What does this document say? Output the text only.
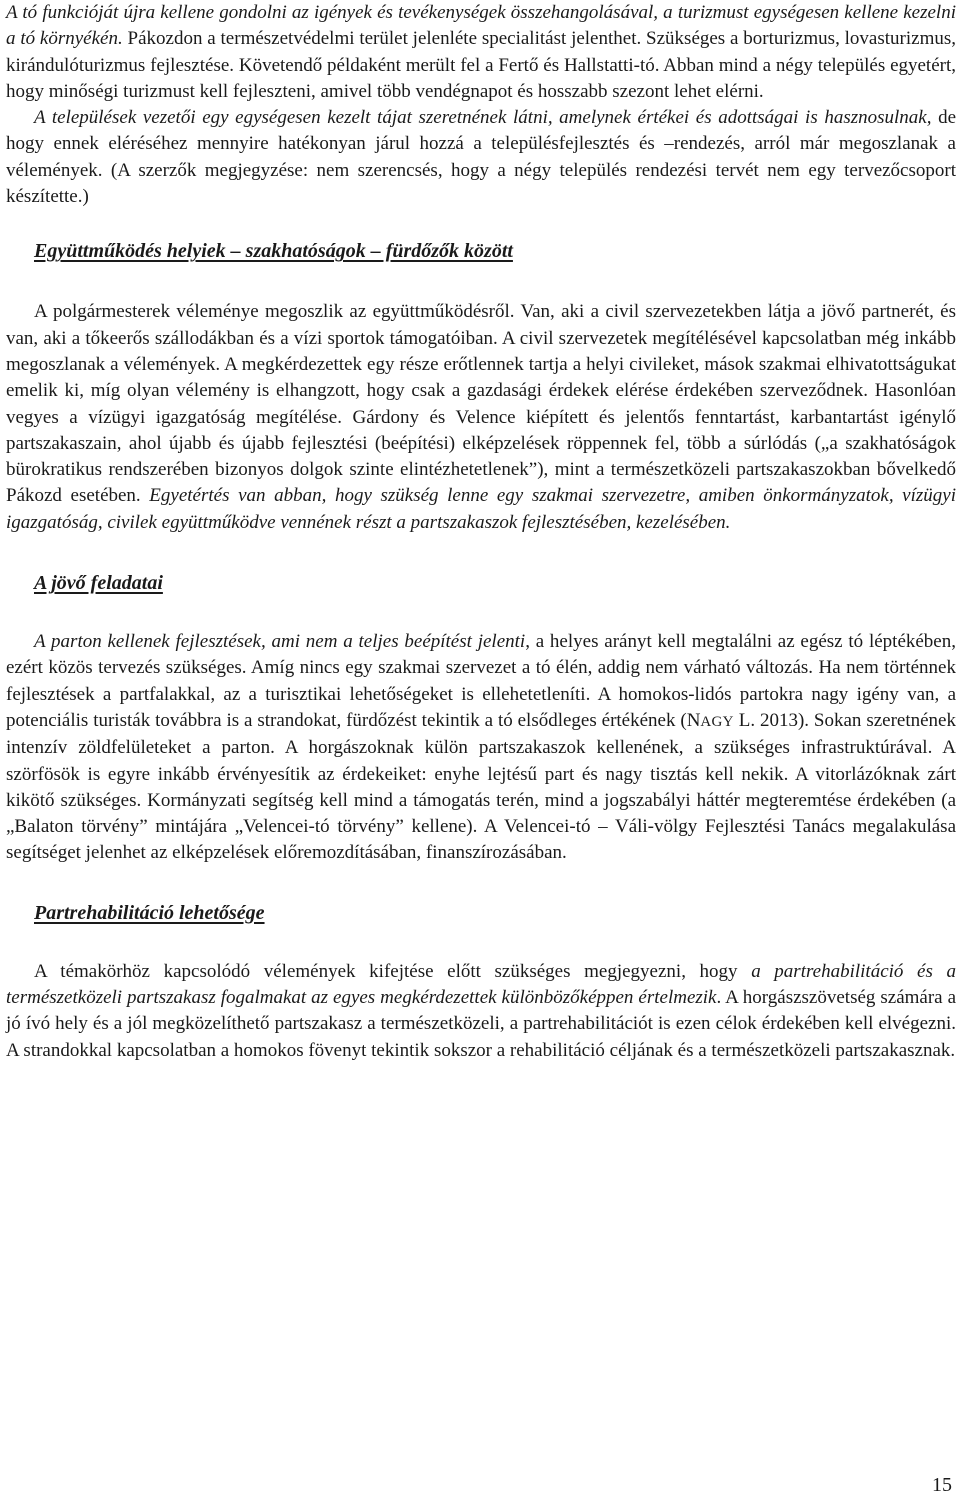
A tó funkcióját újra kellene gondolni az igények és tevékenységek összehangolásával, a turizmust egységesen kellene kezelni a tó környékén. Pákozdon a természetvédelmi terület jelenléte specialitást jelenthet. Szükséges a borturizmus, lovasturizmus, kirándulóturizmus fejlesztése. Követendő példaként merült fel a Fertő és Hallstatti-tó. Abban mind a négy település egyetért, hogy minőségi turizmust kell fejleszteni, amivel több vendégnapot és hosszabb szezont lehet elérni.

A települések vezetői egy egységesen kezelt tájat szeretnének látni, amelynek értékei és adottságai is hasznosulnak, de hogy ennek eléréséhez mennyire hatékonyan járul hozzá a településfejlesztés és –rendezés, arról már megoszlanak a vélemények. (A szerzők megjegyzése: nem szerencsés, hogy a négy település rendezési tervét nem egy tervezőcsoport készítette.)

Együttműködés helyiek – szakhatóságok – fürdőzők között

A polgármesterek véleménye megoszlik az együttműködésről. Van, aki a civil szervezetekben látja a jövő partnerét, és van, aki a tőkeerős szállodákban és a vízi sportok támogatóiban. A civil szervezetek megítélésével kapcsolatban még inkább megoszlanak a vélemények. A megkérdezettek egy része erőtlennek tartja a helyi civileket, mások szakmai elhivatottságukat emelik ki, míg olyan vélemény is elhangzott, hogy csak a gazdasági érdekek elérése érdekében szerveződnek. Hasonlóan vegyes a vízügyi igazgatóság megítélése. Gárdony és Velence kiépített és jelentős fenntartást, karbantartást igénylő partszakaszain, ahol újabb és újabb fejlesztési (beépítési) elképzelések röppennek fel, több a súrlódás („a szakhatóságok bürokratikus rendszerében bizonyos dolgok szinte elintézhetetlenek”), mint a természetközeli partszakaszokban bővelkedő Pákozd esetében. Egyetértés van abban, hogy szükség lenne egy szakmai szervezetre, amiben önkormányzatok, vízügyi igazgatóság, civilek együttműködve vennének részt a partszakaszok fejlesztésében, kezelésében.

A jövő feladatai

A parton kellenek fejlesztések, ami nem a teljes beépítést jelenti, a helyes arányt kell megtalálni az egész tó léptékében, ezért közös tervezés szükséges. Amíg nincs egy szakmai szervezet a tó élén, addig nem várható változás. Ha nem történnek fejlesztések a partfalakkal, az a turisztikai lehetőségeket is ellehetetleníti. A homokos-lidós partokra nagy igény van, a potenciális turisták továbbra is a strandokat, fürdőzést tekintik a tó elsődleges értékének (NAGY L. 2013). Sokan szeretnének intenzív zöldfelületeket a parton. A horgászoknak külön partszakaszok kellenének, a szükséges infrastruktúrával. A szörfösök is egyre inkább érvényesítik az érdekeiket: enyhe lejtésű part és nagy tisztás kell nekik. A vitorlázóknak zárt kikötő szükséges. Kormányzati segítség kell mind a támogatás terén, mind a jogszabályi háttér megteremtése érdekében (a „Balaton törvény” mintájára „Velencei-tó törvény” kellene). A Velencei-tó – Váli-völgy Fejlesztési Tanács megalakulása segítséget jelenhet az elképzelések előremozdításában, finanszírozásában.

Partrehabilitáció lehetősége

A témakörhöz kapcsolódó vélemények kifejtése előtt szükséges megjegyezni, hogy a partrehabilitáció és a természetközeli partszakasz fogalmakat az egyes megkérdezettek különbözőképpen értelmezik. A horgászszövetség számára a jó ívó hely és a jól megközelíthető partszakasz a természetközeli, a partrehabilitációt is ezen célok érdekében kell elvégezni. A strandokkal kapcsolatban a homokos fövenyt tekintik sokszor a rehabilitáció céljának és a természetközeli partszakasznak.

15
